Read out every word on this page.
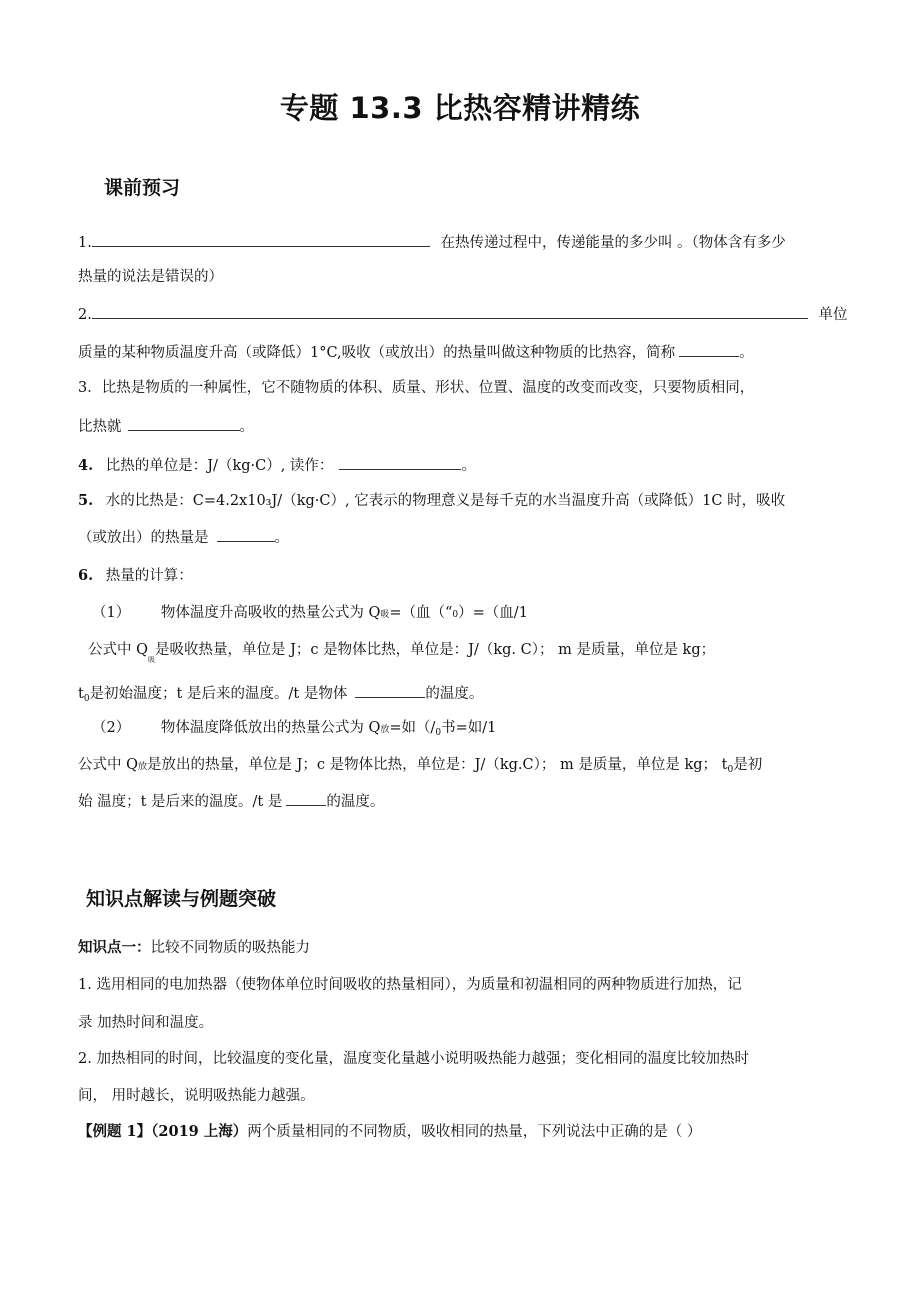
专题 13.3 比热容精讲精练
课前预习
1.	在热传递过程中，传递能量的多少叫 。（物体含有多少
热量的说法是错误的）
2.	单位
质量的某种物质温度升高（或降低）1°C,吸收（或放出）的热量叫做这种物质的比热容，简称	。
3．比热是物质的一种属性，它不随物质的体积、质量、形状、位置、温度的改变而改变，只要物质相同，
比热就	。
4. 比热的单位是：J/（kg·C）, 读作：	。
5. 水的比热是：C=4.2x10₃J/（kg·C）, 它表示的物理意义是每千克的水当温度升高（或降低）1C 时，吸收
（或放出）的热量是	。
6. 热量的计算：
（1） 物体温度升高吸收的热量公式为 Q吸=（血（“0）=（血/1
公式中 $Q_吸$是吸收热量，单位是 J；c 是物体比热，单位是：J/（kg. C）； m 是质量，单位是 kg；
$t_0$是初始温度；t 是后来的温度。/t 是物体	的温度。
（2） 物体温度降低放出的热量公式为 Q放=如（$/_0$书=如/1
公式中 Q放是放出的热量，单位是 J；c 是物体比热，单位是：J/（kg.C）； m 是质量，单位是 kg； $t_0$是初
始 温度；t 是后来的温度。/t 是	的温度。
知识点解读与例题突破
知识点一：比较不同物质的吸热能力
1. 选用相同的电加热器（使物体单位时间吸收的热量相同），为质量和初温相同的两种物质进行加热，记
录 加热时间和温度。
2. 加热相同的时间，比较温度的变化量，温度变化量越小说明吸热能力越强；变化相同的温度比较加热时
间， 用时越长，说明吸热能力越强。
【例题 1】（2019 上海）两个质量相同的不同物质，吸收相同的热量，下列说法中正确的是（ ）
